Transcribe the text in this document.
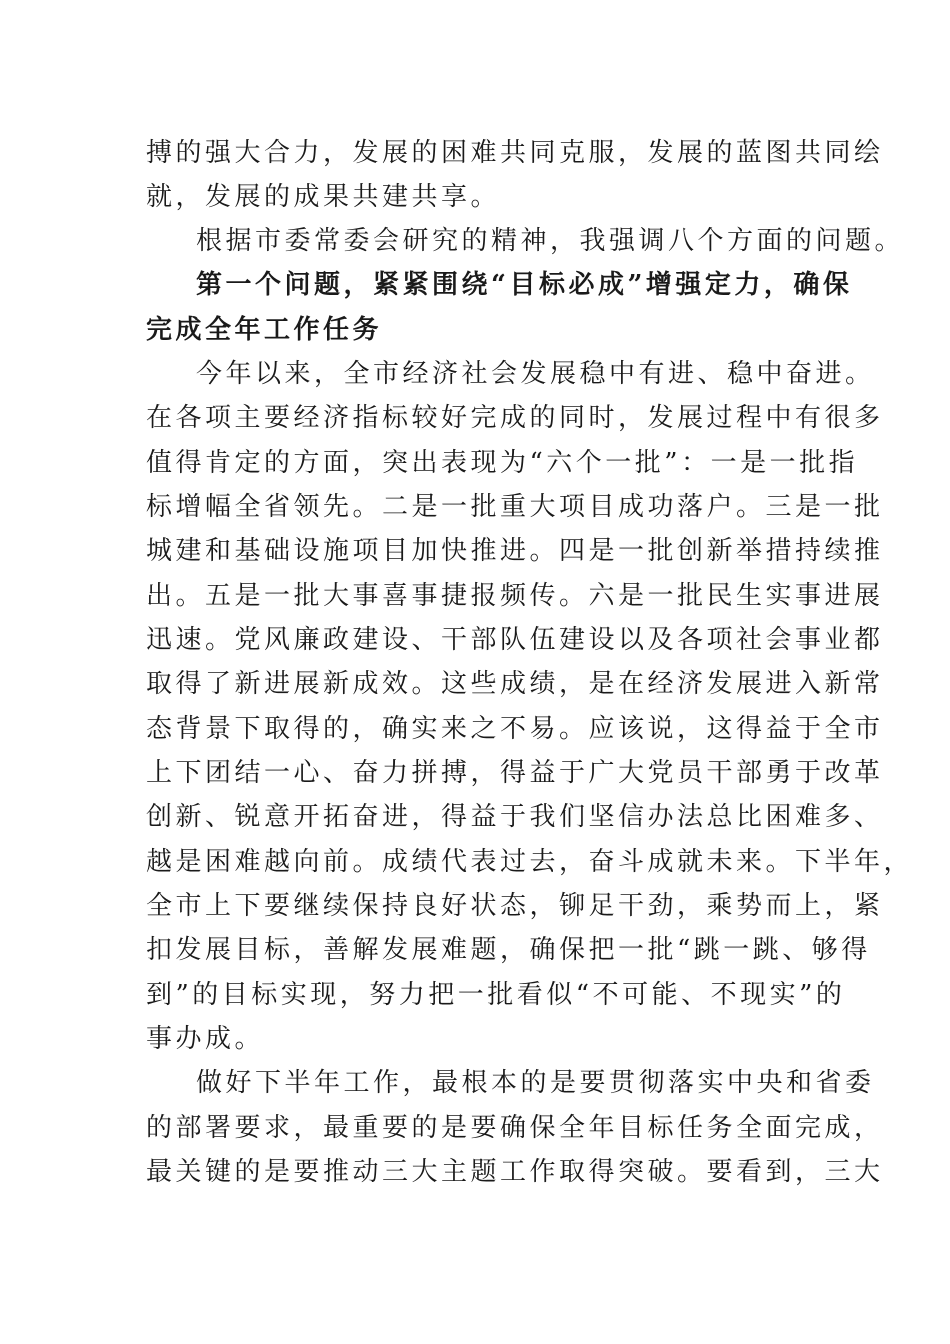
搏的强大合力，发展的困难共同克服，发展的蓝图共同绘
就，发展的成果共建共享。
根据市委常委会研究的精神，我强调八个方面的问题。
第一个问题，紧紧围绕“目标必成”增强定力，确保
完成全年工作任务
今年以来，全市经济社会发展稳中有进、稳中奋进。
在各项主要经济指标较好完成的同时，发展过程中有很多
值得肯定的方面，突出表现为“六个一批”：一是一批指
标增幅全省领先。二是一批重大项目成功落户。三是一批
城建和基础设施项目加快推进。四是一批创新举措持续推
出。五是一批大事喜事捷报频传。六是一批民生实事进展
迅速。党风廉政建设、干部队伍建设以及各项社会事业都
取得了新进展新成效。这些成绩，是在经济发展进入新常
态背景下取得的，确实来之不易。应该说，这得益于全市
上下团结一心、奋力拼搏，得益于广大党员干部勇于改革
创新、锐意开拓奋进，得益于我们坚信办法总比困难多、
越是困难越向前。成绩代表过去，奋斗成就未来。下半年，
全市上下要继续保持良好状态，铆足干劲，乘势而上，紧
扣发展目标，善解发展难题，确保把一批“跳一跳、够得
到”的目标实现，努力把一批看似“不可能、不现实”的
事办成。
做好下半年工作，最根本的是要贯彻落实中央和省委
的部署要求，最重要的是要确保全年目标任务全面完成，
最关键的是要推动三大主题工作取得突破。要看到，三大
